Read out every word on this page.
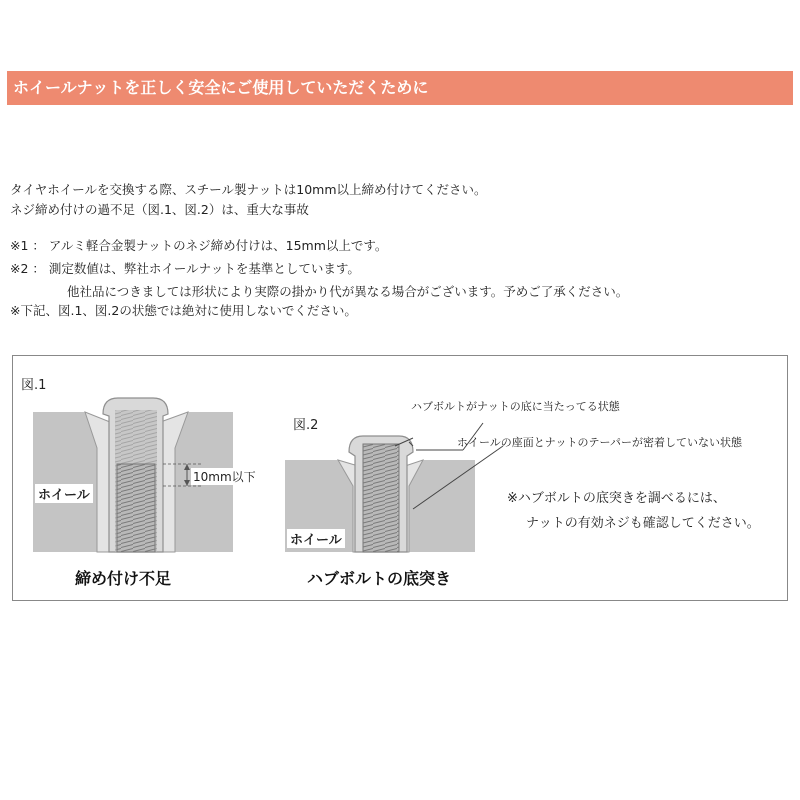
ホイールナットを正しく安全にご使用していただくために
タイヤホイールを交換する際、スチール製ナットは10mm以上締め付けてください。
ネジ締め付けの過不足（図.1、図.2）は、重大な事故
※1 ： アルミ軽合金製ナットのネジ締め付けは、15mm以上です。
※2 ： 測定数値は、弊社ホイールナットを基準としています。
他社品につきましては形状により実際の掛かり代が異なる場合がございます。予めご了承ください。
※下記、図.1、図.2の状態では絶対に使用しないでください。
図.1
ホイール
10mm以下
締め付け不足
図.2
ホイール
ハブボルトの底突き
ハブボルトがナットの底に当たってる状態
ホイールの座面とナットのテーパーが密着していない状態
※ハブボルトの底突きを調べるには、
ナットの有効ネジも確認してください。
